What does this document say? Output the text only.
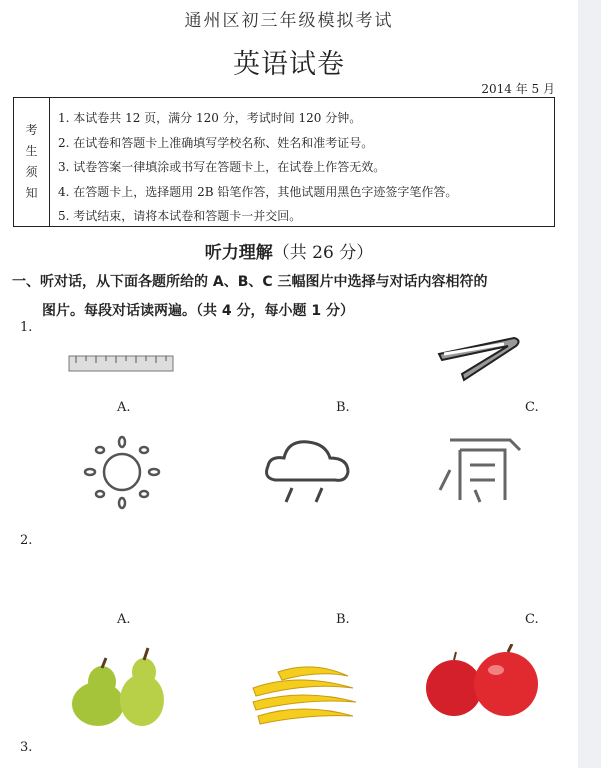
通州区初三年级模拟考试
英语试卷
2014 年 5 月
考
生
须
知
1. 本试卷共 12 页，满分 120 分，考试时间 120 分钟。
2. 在试卷和答题卡上准确填写学校名称、姓名和准考证号。
3. 试卷答案一律填涂或书写在答题卡上，在试卷上作答无效。
4. 在答题卡上，选择题用 2B 铅笔作答，其他试题用黑色字迹签字笔作答。
5. 考试结束，请将本试卷和答题卡一并交回。
听力理解（共 26 分）
一、听对话，从下面各题所给的 A、B、C 三幅图片中选择与对话内容相符的
图片。每段对话读两遍。（共 4 分，每小题 1 分）
1.
2.
3.
A.	B.	C.
A.	B.	C.
